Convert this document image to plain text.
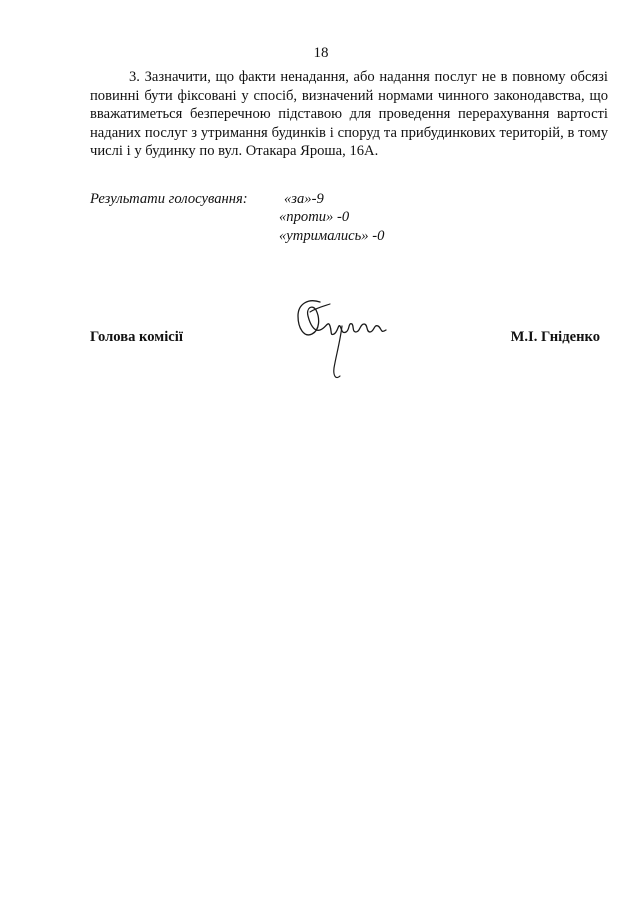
18

3. Зазначити, що факти ненадання, або надання послуг не в повному обсязі повинні бути фіксовані у спосіб, визначений нормами чинного законодавства, що вважатиметься безперечною підставою для проведення перерахування вартості наданих послуг з утримання будинків і споруд та прибудинкових територій, в тому числі і у будинку по вул. Отакара Яроша, 16А.

Результати голосування: «за»-9
«проти» -0
«утримались» -0
Голова комісії	М.І. Гніденко
